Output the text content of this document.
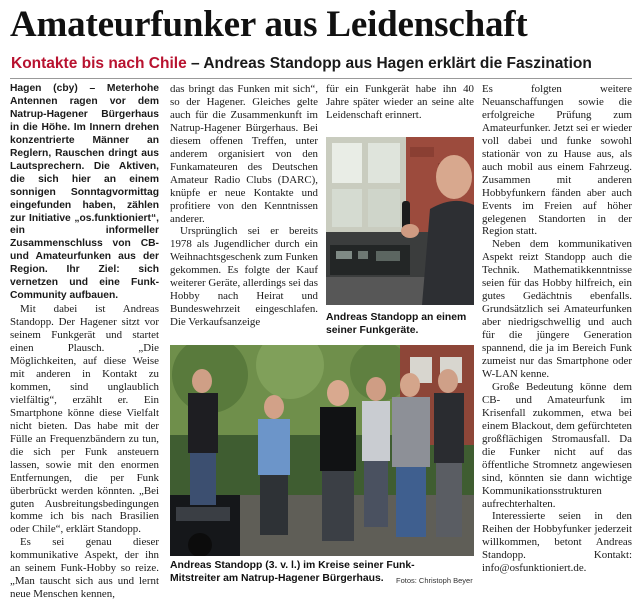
Amateurfunker aus Leidenschaft
Kontakte bis nach Chile – Andreas Standopp aus Hagen erklärt die Faszination

Hagen (cby) – Meterhohe Antennen ragen vor dem Natrup-Hagener Bürgerhaus in die Höhe. Im Innern drehen konzentrierte Männer an Reglern, Rauschen dringt aus Lautsprechern. Die Aktiven, die sich hier an einem sonnigen Sonntagvormittag eingefunden haben, zählen zur Initiative „os.funktioniert“, ein informeller Zusammenschluss von CB- und Amateurfunken aus der Region. Ihr Ziel: sich vernetzen und eine Funk-Community aufbauen.

Mit dabei ist Andreas Standopp. Der Hagener sitzt vor seinem Funkgerät und startet einen Plausch. „Die Möglichkeiten, auf diese Weise mit anderen in Kontakt zu kommen, sind unglaublich vielfältig“, erzählt er. Ein Smartphone könne diese Vielfalt nicht bieten. Das habe mit der Fülle an Frequenzbändern zu tun, die sich per Funk ansteuern lassen, sowie mit den enormen Entfernungen, die per Funk überbrückt werden könnten. „Bei guten Ausbreitungsbedingungen komme ich bis nach Brasilien oder Chile“, erklärt Standopp.

Es sei genau dieser kommunikative Aspekt, der ihn an seinem Funk-Hobby so reize. „Man tauscht sich aus und lernt neue Menschen kennen,

das bringt das Funken mit sich“, so der Hagener. Gleiches gelte auch für die Zusammenkunft im Natrup-Hagener Bürgerhaus. Bei diesem offenen Treffen, unter anderem organisiert von den Funkamateuren des Deutschen Amateur Radio Clubs (DARC), knüpfe er neue Kontakte und profitiere von den Kenntnissen anderer.

Ursprünglich sei er bereits 1978 als Jugendlicher durch ein Weihnachtsgeschenk zum Funken gekommen. Es folgte der Kauf weiterer Geräte, allerdings sei das Hobby nach Heirat und Bundeswehrzeit eingeschlafen. Die Verkaufsanzeige

für ein Funkgerät habe ihn 40 Jahre später wieder an seine alte Leidenschaft erinnert.

Andreas Standopp an einem seiner Funkgeräte.
Andreas Standopp (3. v. l.) im Kreise seiner Funk-Mitstreiter am Natrup-Hagener Bürgerhaus.	Fotos: Christoph Beyer

Es folgten weitere Neuanschaffungen sowie die erfolgreiche Prüfung zum Amateurfunker. Jetzt sei er wieder voll dabei und funke sowohl stationär von zu Hause aus, als auch mobil aus einem Fahrzeug. Zusammen mit anderen Hobbyfunkern fänden aber auch Events im Freien auf höher gelegenen Standorten in der Region statt.

Neben dem kommunikativen Aspekt reizt Standopp auch die Technik. Mathematikkenntnisse seien für das Hobby hilfreich, ein gutes Gedächtnis ebenfalls. Grundsätzlich sei Amateurfunken aber niedrigschwellig und auch für die jüngere Generation spannend, die ja im Bereich Funk zumeist nur das Smartphone oder W-LAN kenne.

Große Bedeutung könne dem CB- und Amateurfunk im Krisenfall zukommen, etwa bei einem Blackout, dem gefürchteten großflächigen Stromausfall. Da die Funker nicht auf das öffentliche Stromnetz angewiesen sind, könnten sie dann wichtige Kommunikationsstrukturen aufrechterhalten.

Interessierte seien in den Reihen der Hobbyfunker jederzeit willkommen, betont Andreas Standopp. Kontakt: info@osfunktioniert.de.
